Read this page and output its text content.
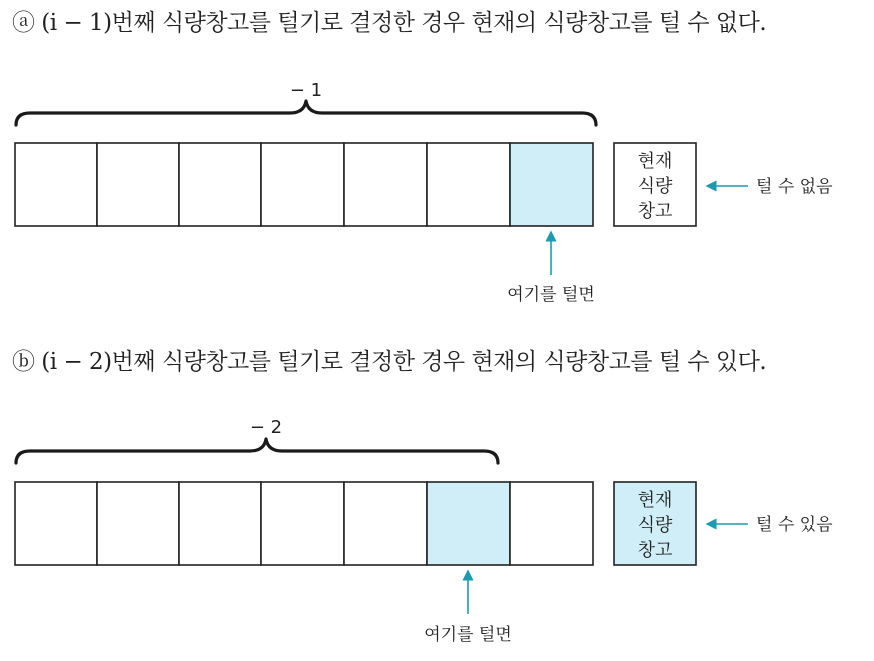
ⓐ (i − 1)번째 식량창고를 털기로 결정한 경우 현재의 식량창고를 털 수 없다.
ⓑ (i − 2)번째 식량창고를 털기로 결정한 경우 현재의 식량창고를 털 수 있다.
− 1
현재
식량
창고
여기를 털면
털 수 없음
− 2
현재
식량
창고
여기를 털면
털 수 있음
